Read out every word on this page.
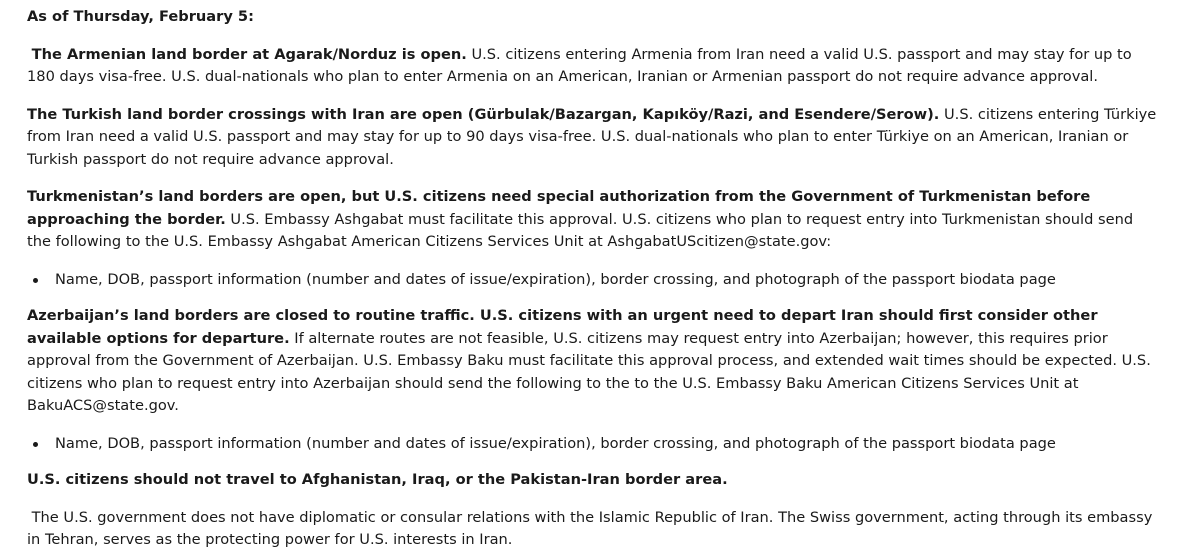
As of Thursday, February 5:

The Armenian land border at Agarak/Norduz is open. U.S. citizens entering Armenia from Iran need a valid U.S. passport and may stay for up to 180 days visa-free. U.S. dual-nationals who plan to enter Armenia on an American, Iranian or Armenian passport do not require advance approval.

The Turkish land border crossings with Iran are open (Gürbulak/Bazargan, Kapıköy/Razi, and Esendere/Serow). U.S. citizens entering Türkiye from Iran need a valid U.S. passport and may stay for up to 90 days visa-free. U.S. dual-nationals who plan to enter Türkiye on an American, Iranian or Turkish passport do not require advance approval.

Turkmenistan’s land borders are open, but U.S. citizens need special authorization from the Government of Turkmenistan before approaching the border. U.S. Embassy Ashgabat must facilitate this approval. U.S. citizens who plan to request entry into Turkmenistan should send the following to the U.S. Embassy Ashgabat American Citizens Services Unit at AshgabatUScitizen@state.gov:

Name, DOB, passport information (number and dates of issue/expiration), border crossing, and photograph of the passport biodata page

Azerbaijan’s land borders are closed to routine traffic. U.S. citizens with an urgent need to depart Iran should first consider other available options for departure. If alternate routes are not feasible, U.S. citizens may request entry into Azerbaijan; however, this requires prior approval from the Government of Azerbaijan. U.S. Embassy Baku must facilitate this approval process, and extended wait times should be expected. U.S. citizens who plan to request entry into Azerbaijan should send the following to the to the U.S. Embassy Baku American Citizens Services Unit at BakuACS@state.gov.

Name, DOB, passport information (number and dates of issue/expiration), border crossing, and photograph of the passport biodata page

U.S. citizens should not travel to Afghanistan, Iraq, or the Pakistan-Iran border area.

The U.S. government does not have diplomatic or consular relations with the Islamic Republic of Iran. The Swiss government, acting through its embassy in Tehran, serves as the protecting power for U.S. interests in Iran.
